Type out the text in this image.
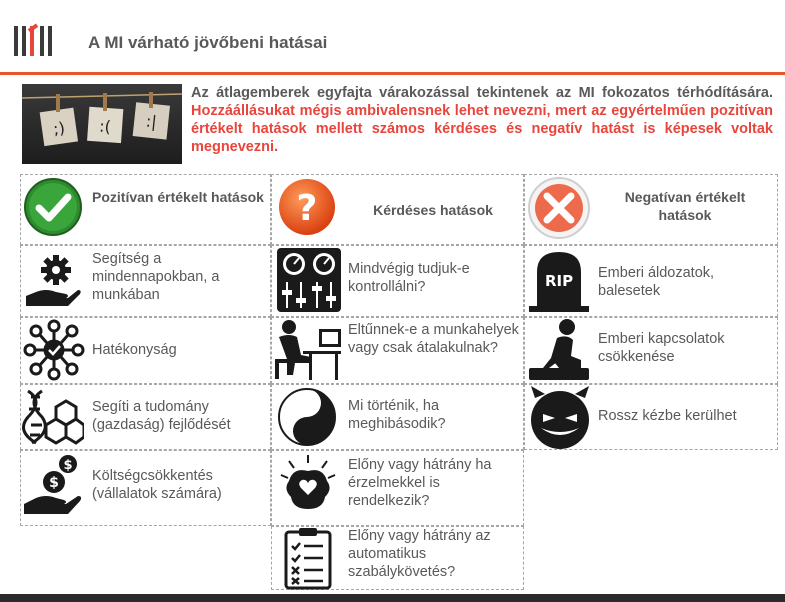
A MI várható jövőbeni hatásai
;) :( :|
Az átlagemberek egyfajta várakozással tekintenek az MI fokozatos térhódítására. Hozzáállásukat mégis ambivalensnek lehet nevezni, mert az egyértelműen pozitívan értékelt hatások mellett számos kérdéses és negatív hatást is képesek voltak megnevezni.
Pozitívan értékelt hatások
Segítség a mindennapokban, a munkában
Hatékonyság
Segíti a tudomány (gazdaság) fejlődését
$
$ Költségcsökkentés (vállalatok számára)
?	Kérdéses hatások
Mindvégig tudjuk-e kontrollálni?
Eltűnnek-e a munkahelyek vagy csak átalakulnak?
Mi történik, ha meghibásodik?
Előny vagy hátrány ha érzelmekkel is rendelkezik?
Előny vagy hátrány az automatikus szabálykövetés?
Negatívan értékelt hatások
RIP Emberi áldozatok, balesetek
Emberi kapcsolatok csökkenése
Rossz kézbe kerülhet
